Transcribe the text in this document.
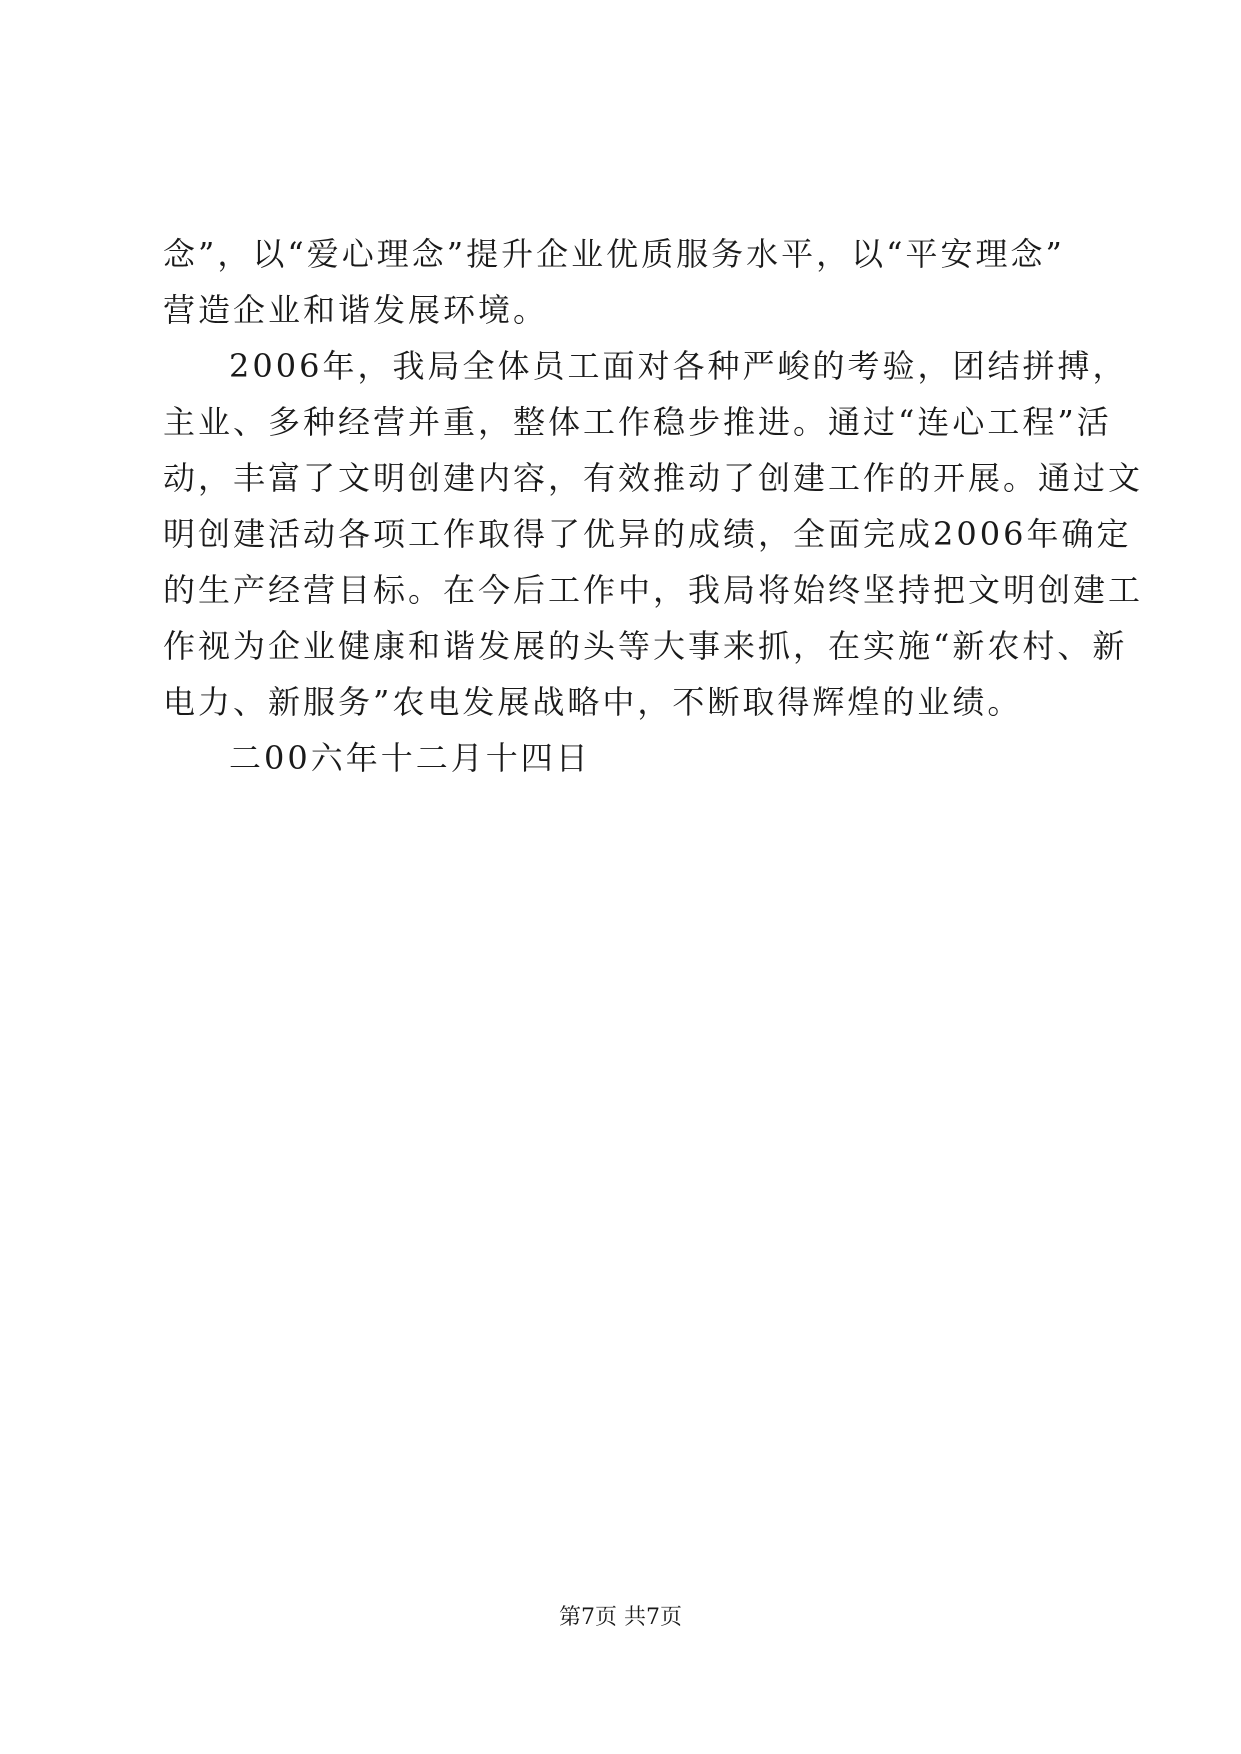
念”，以“爱心理念”提升企业优质服务水平，以“平安理念”
营造企业和谐发展环境。
2006年，我局全体员工面对各种严峻的考验，团结拼搏，
主业、多种经营并重，整体工作稳步推进。通过“连心工程”活
动，丰富了文明创建内容，有效推动了创建工作的开展。通过文
明创建活动各项工作取得了优异的成绩，全面完成2006年确定
的生产经营目标。在今后工作中，我局将始终坚持把文明创建工
作视为企业健康和谐发展的头等大事来抓，在实施“新农村、新
电力、新服务”农电发展战略中，不断取得辉煌的业绩。
二00六年十二月十四日
第7页 共7页
